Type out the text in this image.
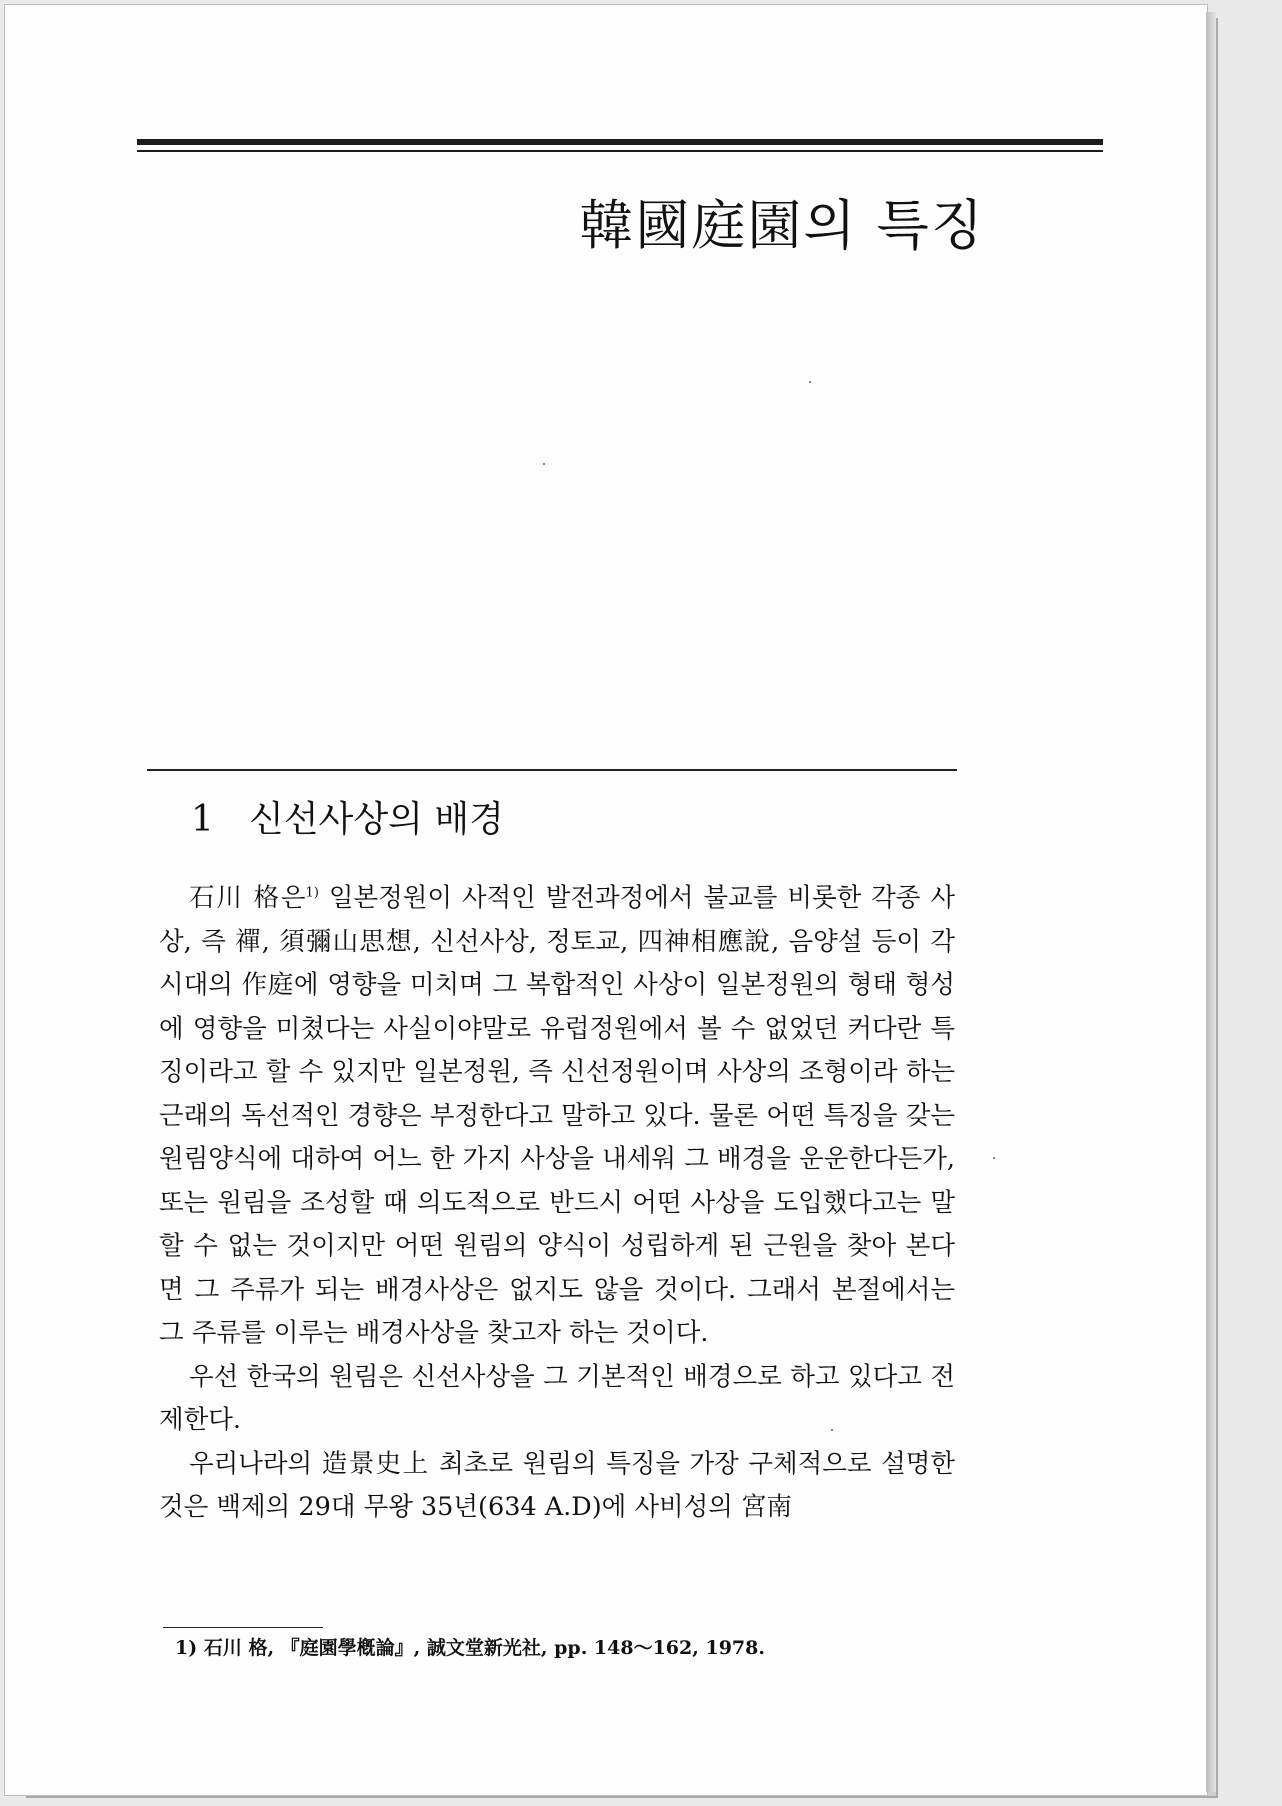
韓國庭園의 특징
1 신선사상의 배경

石川 格은$^{1)}$ 일본정원이 사적인 발전과정에서 불교를 비롯한 각종 사상, 즉 禪, 須彌山思想, 신선사상, 정토교, 四神相應說, 음양설 등이 각시대의 作庭에 영향을 미치며 그 복합적인 사상이 일본정원의 형태 형성에 영향을 미쳤다는 사실이야말로 유럽정원에서 볼 수 없었던 커다란 특징이라고 할 수 있지만 일본정원, 즉 신선정원이며 사상의 조형이라 하는 근래의 독선적인 경향은 부정한다고 말하고 있다. 물론 어떤 특징을 갖는 원림양식에 대하여 어느 한 가지 사상을 내세워 그 배경을 운운한다든가, 또는 원림을 조성할 때 의도적으로 반드시 어떤 사상을 도입했다고는 말할 수 없는 것이지만 어떤 원림의 양식이 성립하게 된 근원을 찾아 본다면 그 주류가 되는 배경사상은 없지도 않을 것이다. 그래서 본절에서는 그 주류를 이루는 배경사상을 찾고자 하는 것이다.

우선 한국의 원림은 신선사상을 그 기본적인 배경으로 하고 있다고 전제한다.

우리나라의 造景史上 최초로 원림의 특징을 가장 구체적으로 설명한 것은 백제의 29대 무왕 35년(634 A.D)에 사비성의 宮南

1) 石川 格, 『庭園學槪論』, 誠文堂新光社, pp. 148～162, 1978.
